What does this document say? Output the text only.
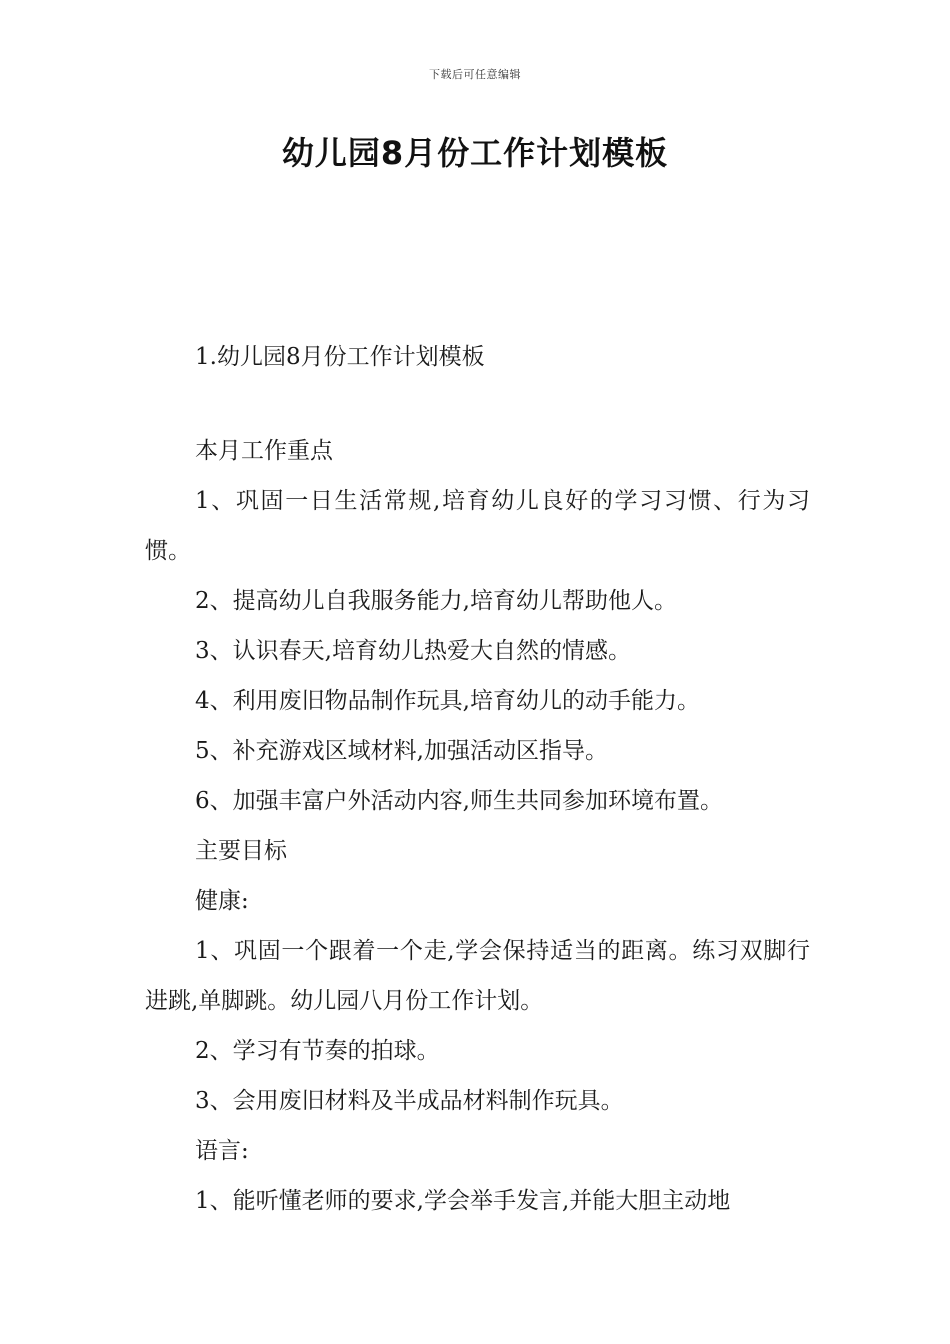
下载后可任意编辑
幼儿园8月份工作计划模板

1.幼儿园8月份工作计划模板

本月工作重点

1、巩固一日生活常规,培育幼儿良好的学习习惯、行为习惯。

2、提高幼儿自我服务能力,培育幼儿帮助他人。

3、认识春天,培育幼儿热爱大自然的情感。

4、利用废旧物品制作玩具,培育幼儿的动手能力。

5、补充游戏区域材料,加强活动区指导。

6、加强丰富户外活动内容,师生共同参加环境布置。

主要目标

健康:

1、巩固一个跟着一个走,学会保持适当的距离。练习双脚行进跳,单脚跳。幼儿园八月份工作计划。

2、学习有节奏的拍球。

3、会用废旧材料及半成品材料制作玩具。

语言:

1、能听懂老师的要求,学会举手发言,并能大胆主动地
